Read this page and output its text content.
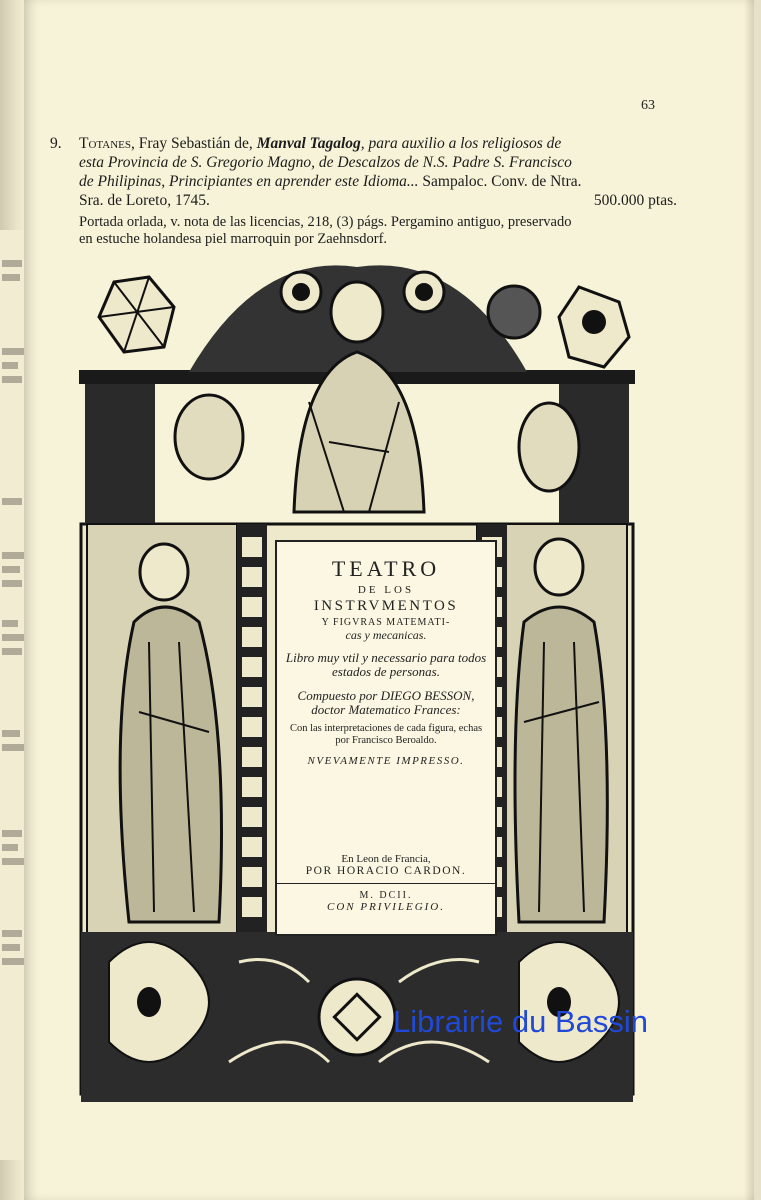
63
9. Totanes, Fray Sebastián de, Manval Tagalog, para auxilio a los religiosos de
esta Provincia de S. Gregorio Magno, de Descalzos de N.S. Padre S. Francisco
de Philipinas, Principiantes en aprender este Idioma... Sampaloc. Conv. de Ntra.
Sra. de Loreto, 1745.	500.000 ptas.
Portada orlada, v. nota de las licencias, 218, (3) págs. Pergamino antiguo, preservado
en estuche holandesa piel marroquin por Zaehnsdorf.
TEATRO
DE LOS
INSTRVMENTOS
Y FIGVRAS MATEMATI-
cas y mecanicas.
Libro muy vtil y necessario para todos
estados de personas.
Compuesto por DIEGO BESSON,
doctor Matematico Frances:
Con las interpretaciones de cada figura, echas
por Francisco Beroaldo.
NVEVAMENTE IMPRESSO.
En Leon de Francia,
POR HORACIO CARDON.
M. DCII.
CON PRIVILEGIO.
Librairie du Bassin
